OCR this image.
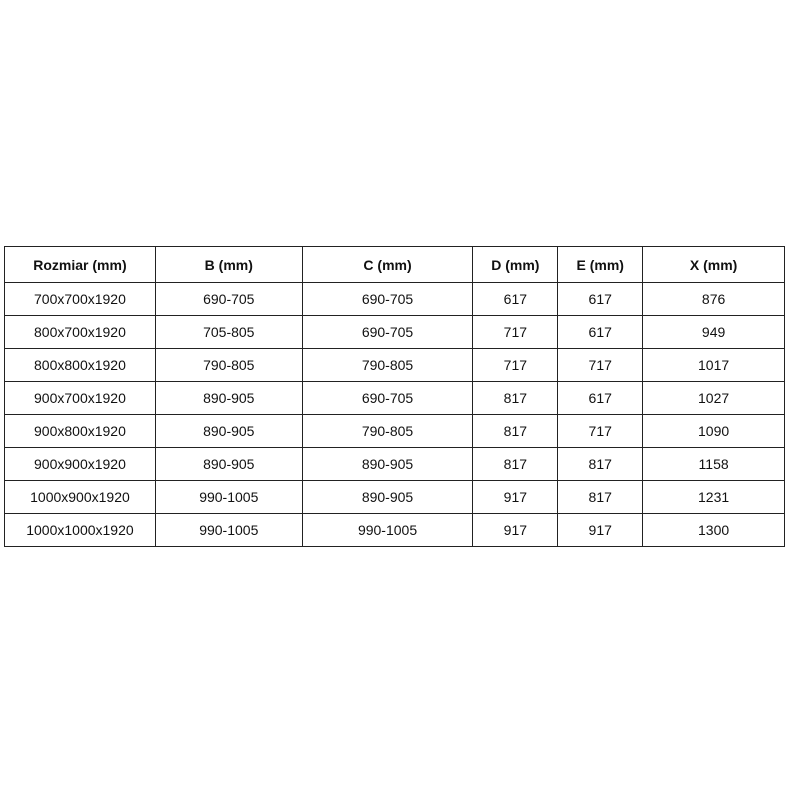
Rozmiar (mm)	B (mm)	C (mm)	D (mm)	E (mm)	X (mm)
700x700x1920	690-705	690-705	617	617	876
800x700x1920	705-805	690-705	717	617	949
800x800x1920	790-805	790-805	717	717	1017
900x700x1920	890-905	690-705	817	617	1027
900x800x1920	890-905	790-805	817	717	1090
900x900x1920	890-905	890-905	817	817	1158
1000x900x1920	990-1005	890-905	917	817	1231
1000x1000x1920	990-1005	990-1005	917	917	1300
